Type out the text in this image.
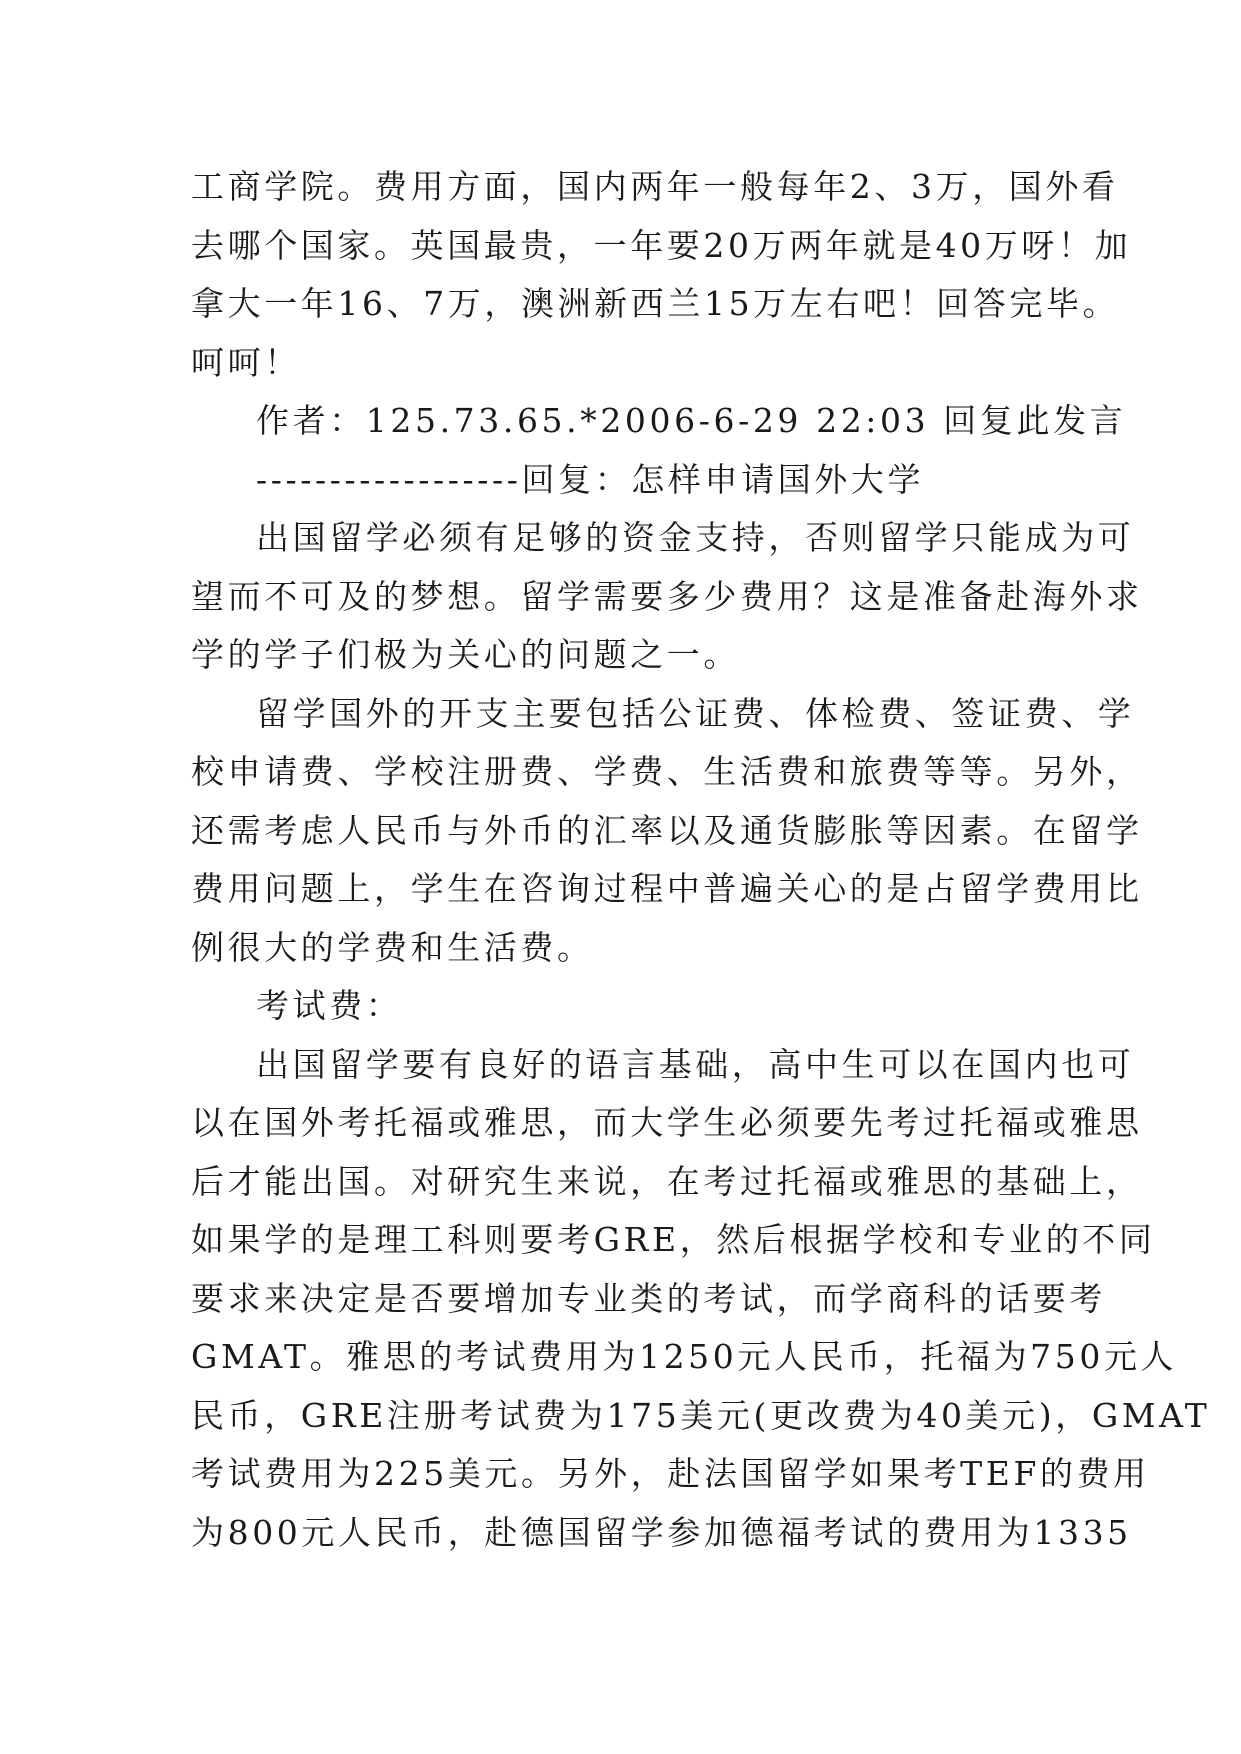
工商学院。费用方面，国内两年一般每年2、3万，国外看
去哪个国家。英国最贵，一年要20万两年就是40万呀！加
拿大一年16、7万，澳洲新西兰15万左右吧！回答完毕。
呵呵！
作者：125.73.65.*2006-6-29 22:03 回复此发言
------------------回复：怎样申请国外大学
出国留学必须有足够的资金支持，否则留学只能成为可
望而不可及的梦想。留学需要多少费用？这是准备赴海外求
学的学子们极为关心的问题之一。
留学国外的开支主要包括公证费、体检费、签证费、学
校申请费、学校注册费、学费、生活费和旅费等等。另外，
还需考虑人民币与外币的汇率以及通货膨胀等因素。在留学
费用问题上，学生在咨询过程中普遍关心的是占留学费用比
例很大的学费和生活费。
考试费：
出国留学要有良好的语言基础，高中生可以在国内也可
以在国外考托福或雅思，而大学生必须要先考过托福或雅思
后才能出国。对研究生来说，在考过托福或雅思的基础上，
如果学的是理工科则要考GRE，然后根据学校和专业的不同
要求来决定是否要增加专业类的考试，而学商科的话要考
GMAT。雅思的考试费用为1250元人民币，托福为750元人
民币，GRE注册考试费为175美元(更改费为40美元)，GMAT
考试费用为225美元。另外，赴法国留学如果考TEF的费用
为800元人民币，赴德国留学参加德福考试的费用为1335
